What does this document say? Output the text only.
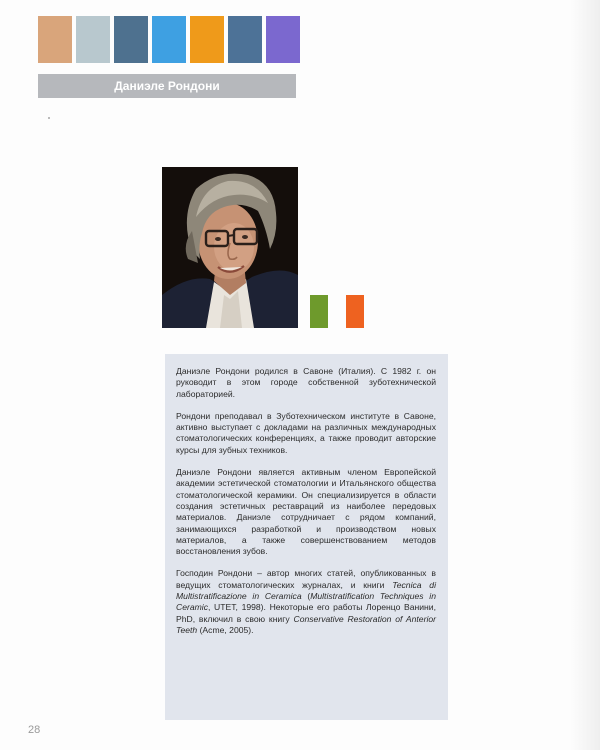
Даниэле Рондони

Даниэле Рондони родился в Савоне (Италия). С 1982 г. он руководит в этом городе собственной зуботехнической лабораторией.

Рондони преподавал в Зуботехническом институте в Савоне, активно выступает с докладами на различных международных стоматологических конференциях, а также проводит авторские курсы для зубных техников.

Даниэле Рондони является активным членом Европейской академии эстетической стоматологии и Итальянского общества стоматологической керамики. Он специализируется в области создания эстетичных реставраций из наиболее передовых материалов. Даниэле сотрудничает с рядом компаний, занимающихся разработкой и производством новых материалов, а также совершенствованием методов восстановления зубов.

Господин Рондони – автор многих статей, опубликованных в ведущих стоматологических журналах, и книги Tecnica di Multistratificazione in Ceramica (Multistratification Techniques in Ceramic, UTET, 1998). Некоторые его работы Лоренцо Ванини, PhD, включил в свою книгу Conservative Restoration of Anterior Teeth (Acme, 2005).

28
